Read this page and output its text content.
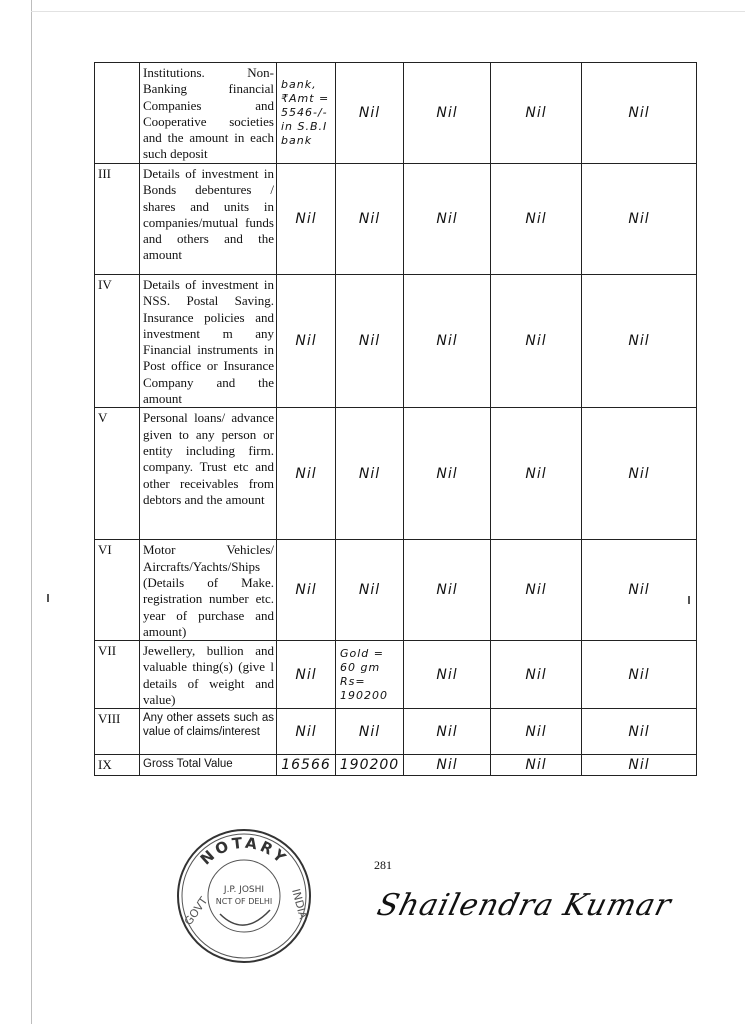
	Institutions. Non-Banking financial Companies and Cooperative societies and the amount in each such deposit	bank, ₹Amt = 5546-/- in S.B.I bank	Nil	Nil	Nil	Nil
III	Details of investment in Bonds debentures / shares and units in companies/mutual funds and others and the amount	Nil	Nil	Nil	Nil	Nil
IV	Details of investment in NSS. Postal Saving. Insurance policies and investment m any Financial instruments in Post office or Insurance Company and the amount	Nil	Nil	Nil	Nil	Nil
V	Personal loans/ advance given to any person or entity including firm. company. Trust etc and other receivables from debtors and the amount	Nil	Nil	Nil	Nil	Nil
VI	Motor Vehicles/ Aircrafts/Yachts/Ships (Details of Make. registration number etc. year of purchase and amount)	Nil	Nil	Nil	Nil	Nil
VII	Jewellery, bullion and valuable thing(s) (give l details of weight and value)	Nil	Gold = 60 gm Rs= 190200	Nil	Nil	Nil
VIII	Any other assets such as value of claims/interest	Nil	Nil	Nil	Nil	Nil
IX	Gross Total Value	16566	190200	Nil	Nil	Nil
NOTARY
GOVT	INDIA
J.P. JOSHI
NCT OF DELHI
281
Shailendra Kumar
